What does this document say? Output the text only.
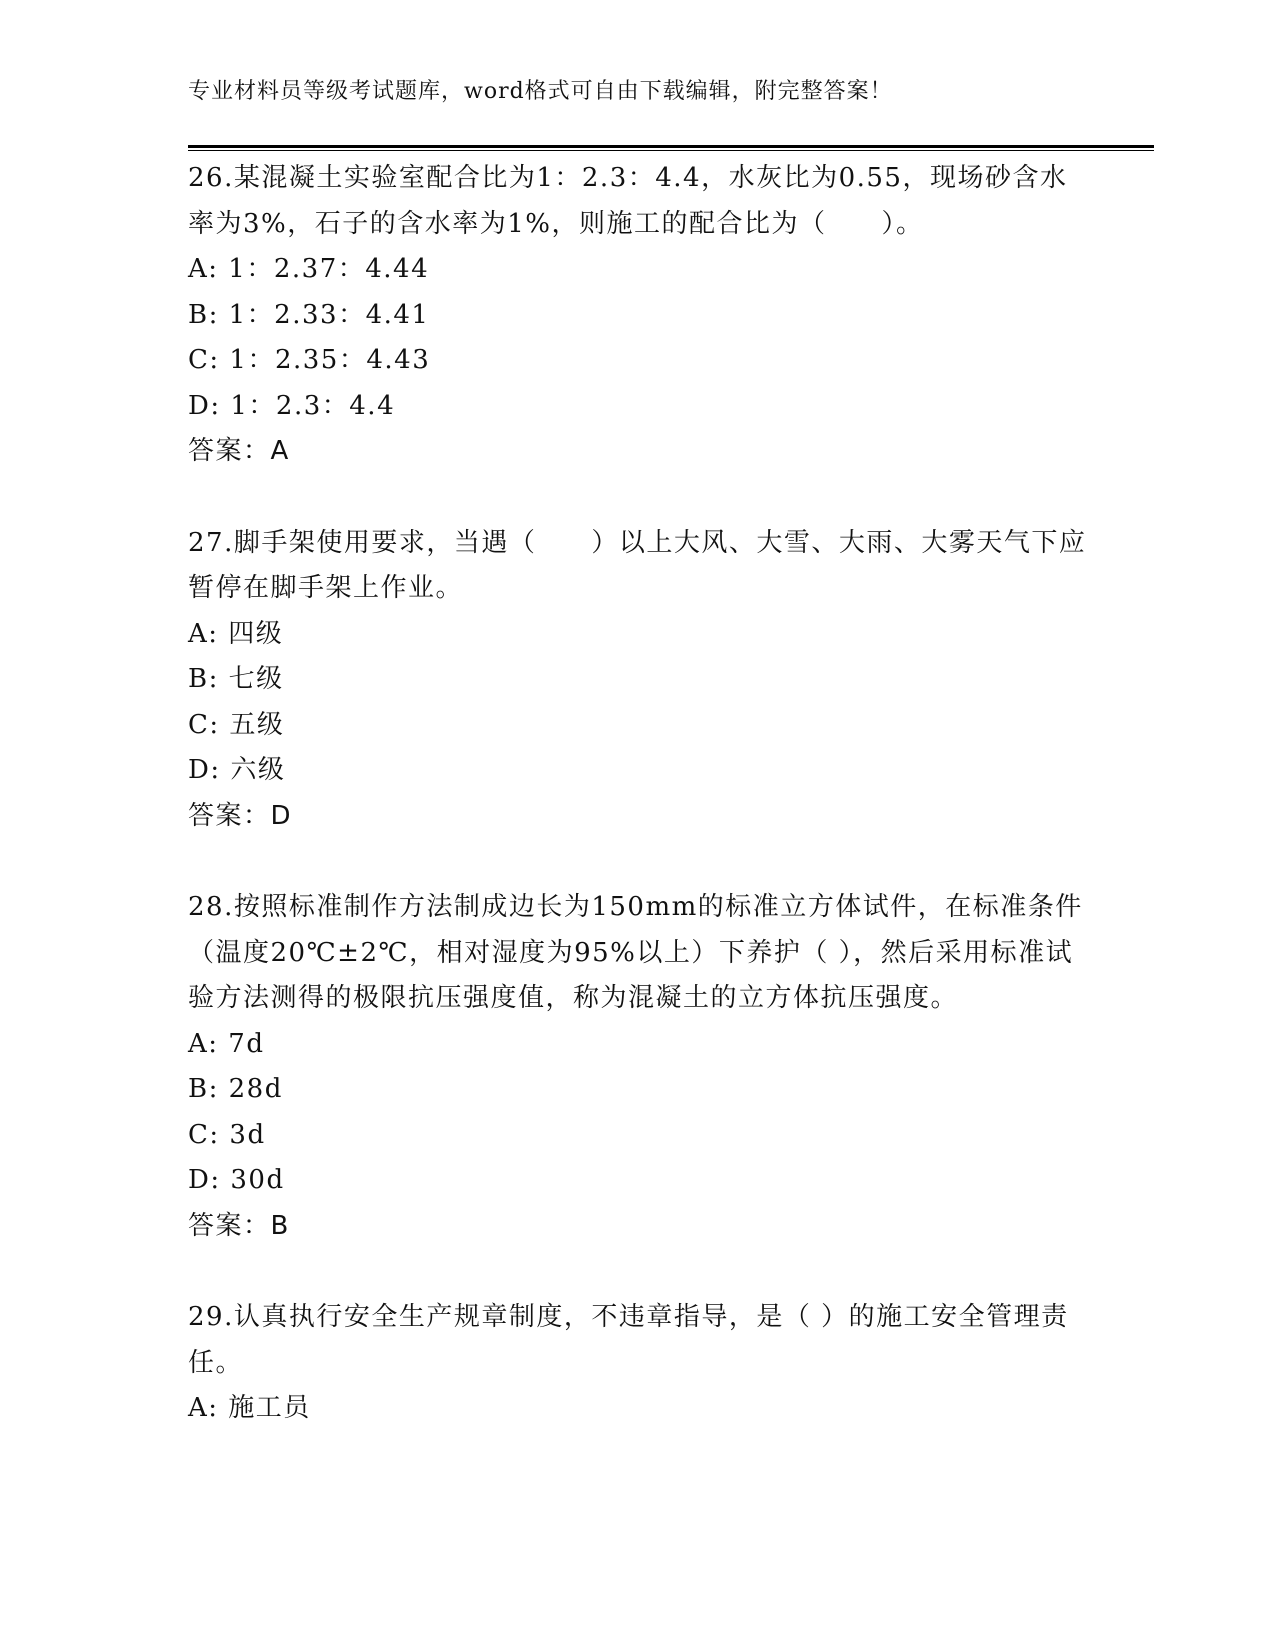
专业材料员等级考试题库，word格式可自由下载编辑，附完整答案！

26.某混凝土实验室配合比为1：2.3：4.4，水灰比为0.55，现场砂含水率为3%，石子的含水率为1%，则施工的配合比为（　　）。

A: 1：2.37：4.44

B: 1：2.33：4.41

C: 1：2.35：4.43

D: 1：2.3：4.4

答案：A

27.脚手架使用要求，当遇（　　）以上大风、大雪、大雨、大雾天气下应暂停在脚手架上作业。

A: 四级

B: 七级

C: 五级

D: 六级

答案：D

28.按照标准制作方法制成边长为150mm的标准立方体试件，在标准条件（温度20℃±2℃，相对湿度为95%以上）下养护（ ），然后采用标准试验方法测得的极限抗压强度值，称为混凝土的立方体抗压强度。

A: 7d

B: 28d

C: 3d

D: 30d

答案：B

29.认真执行安全生产规章制度，不违章指导，是（ ）的施工安全管理责任。

A: 施工员
